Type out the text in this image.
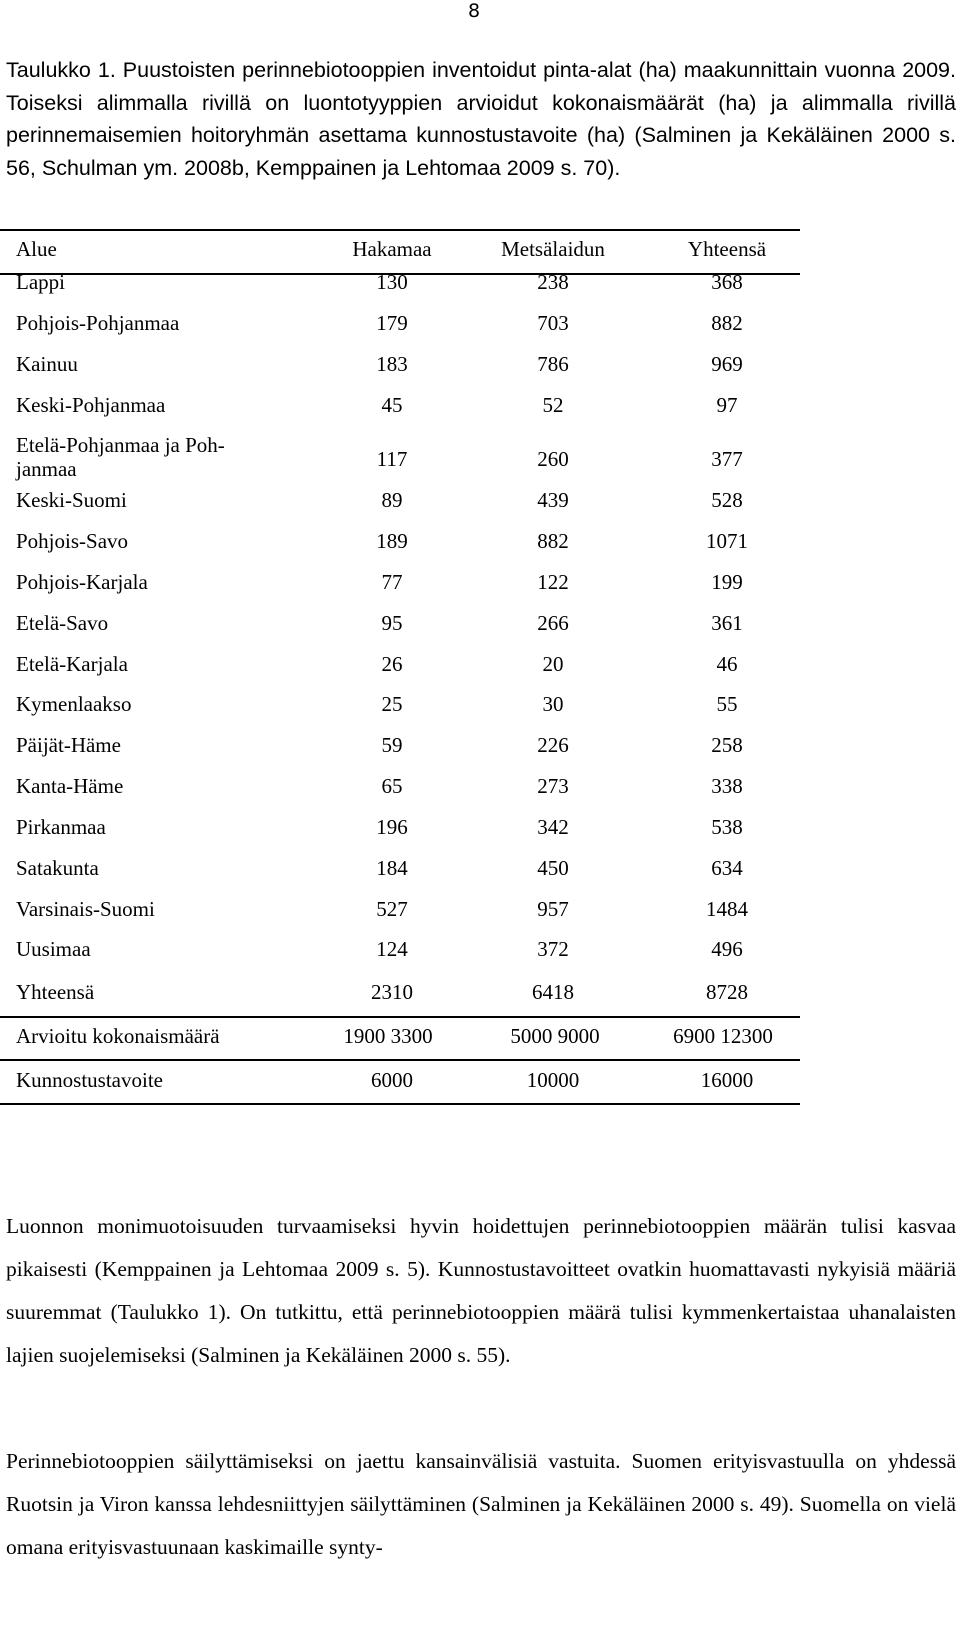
8
Taulukko 1. Puustoisten perinnebiotooppien inventoidut pinta-alat (ha) maakunnittain vuonna 2009. Toiseksi alimmalla rivillä on luontotyyppien arvioidut kokonaismäärät (ha) ja alimmalla rivillä perinnemaisemien hoitoryhmän asettama kunnostustavoite (ha) (Salminen ja Kekäläinen 2000 s. 56, Schulman ym. 2008b, Kemppainen ja Lehtomaa 2009 s. 70).
Alue	Hakamaa	Metsälaidun	Yhteensä
Lappi	130	238	368
Pohjois-Pohjanmaa	179	703	882
Kainuu	183	786	969
Keski-Pohjanmaa	45	52	97
Etelä-Pohjanmaa ja Poh-
janmaa	117	260	377
Keski-Suomi	89	439	528
Pohjois-Savo	189	882	1071
Pohjois-Karjala	77	122	199
Etelä-Savo	95	266	361
Etelä-Karjala	26	20	46
Kymenlaakso	25	30	55
Päijät-Häme	59	226	258
Kanta-Häme	65	273	338
Pirkanmaa	196	342	538
Satakunta	184	450	634
Varsinais-Suomi	527	957	1484
Uusimaa	124	372	496
Yhteensä	2310	6418	8728
Arvioitu kokonaismäärä	1900 3300	5000 9000	6900 12300
Kunnostustavoite	6000	10000	16000
Luonnon monimuotoisuuden turvaamiseksi hyvin hoidettujen perinnebiotooppien määrän tulisi kasvaa pikaisesti (Kemppainen ja Lehtomaa 2009 s. 5). Kunnostustavoitteet ovatkin huomattavasti nykyisiä määriä suuremmat (Taulukko 1). On tutkittu, että perinnebiotooppien määrä tulisi kymmenkertaistaa uhanalaisten lajien suojelemiseksi (Salminen ja Kekäläinen 2000 s. 55).
Perinnebiotooppien säilyttämiseksi on jaettu kansainvälisiä vastuita. Suomen erityisvastuulla on yhdessä Ruotsin ja Viron kanssa lehdesniittyjen säilyttäminen (Salminen ja Kekäläinen 2000 s. 49). Suomella on vielä omana erityisvastuunaan kaskimaille synty-
